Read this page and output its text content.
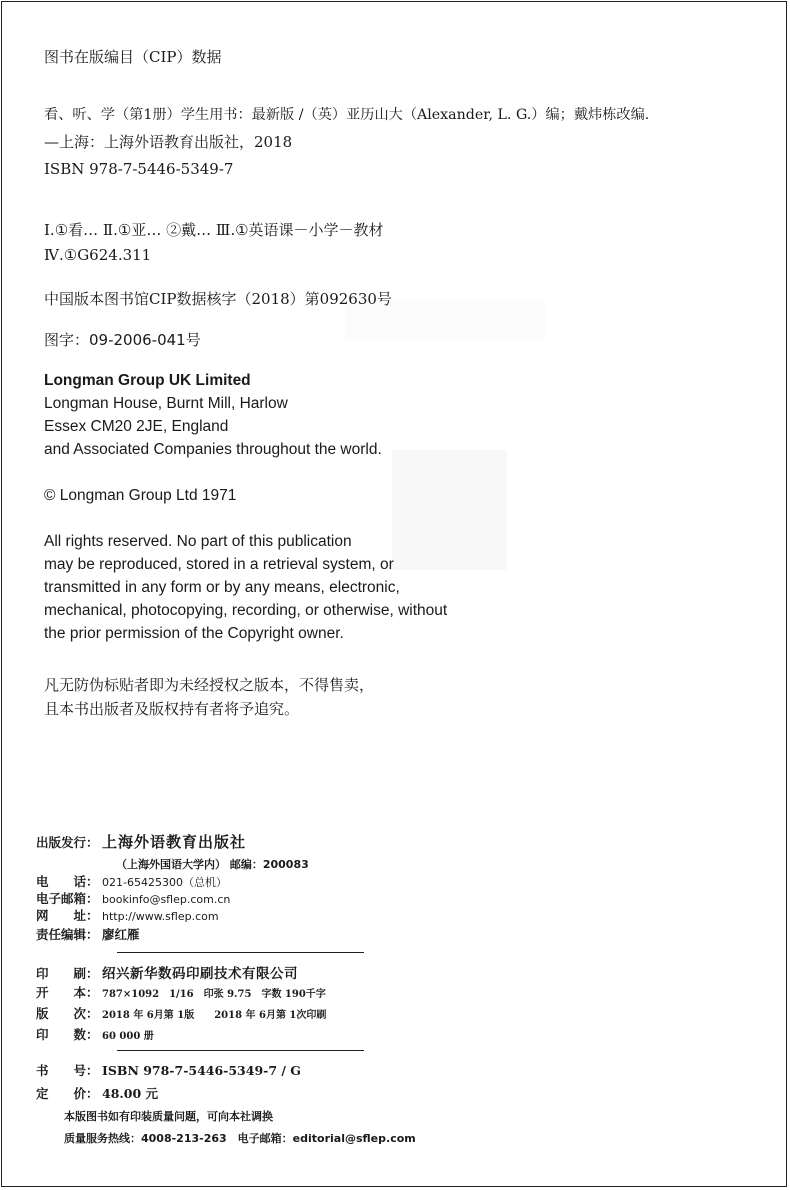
图书在版编目（CIP）数据
看、听、学（第1册）学生用书：最新版 /（英）亚历山大（Alexander, L. G.）编；戴炜栋改编.
—上海：上海外语教育出版社，2018
ISBN 978-7-5446-5349-7
Ⅰ.①看… Ⅱ.①亚… ②戴… Ⅲ.①英语课－小学－教材
Ⅳ.①G624.311
中国版本图书馆CIP数据核字（2018）第092630号
图字：09-2006-041号
Longman Group UK Limited
Longman House, Burnt Mill, Harlow
Essex CM20 2JE, England
and Associated Companies throughout the world.
© Longman Group Ltd 1971
All rights reserved. No part of this publication
may be reproduced, stored in a retrieval system, or
transmitted in any form or by any means, electronic,
mechanical, photocopying, recording, or otherwise, without
the prior permission of the Copyright owner.
凡无防伪标贴者即为未经授权之版本，不得售卖，
且本书出版者及版权持有者将予追究。
出版发行： 上海外语教育出版社
（上海外国语大学内） 邮编：200083
电　　话： 021-65425300（总机）
电子邮箱： bookinfo@sflep.com.cn
网　　址： http://www.sflep.com
责任编辑： 廖红雁
印　　刷： 绍兴新华数码印刷技术有限公司
开　　本： 787×1092　1/16　印张 9.75　字数 190千字
版　　次： 2018 年 6月第 1版　　2018 年 6月第 1次印刷
印　　数： 60 000 册
书　　号： ISBN 978-7-5446-5349-7 / G
定　　价： 48.00 元
本版图书如有印装质量问题，可向本社调换
质量服务热线：4008-213-263　电子邮箱：editorial@sflep.com
